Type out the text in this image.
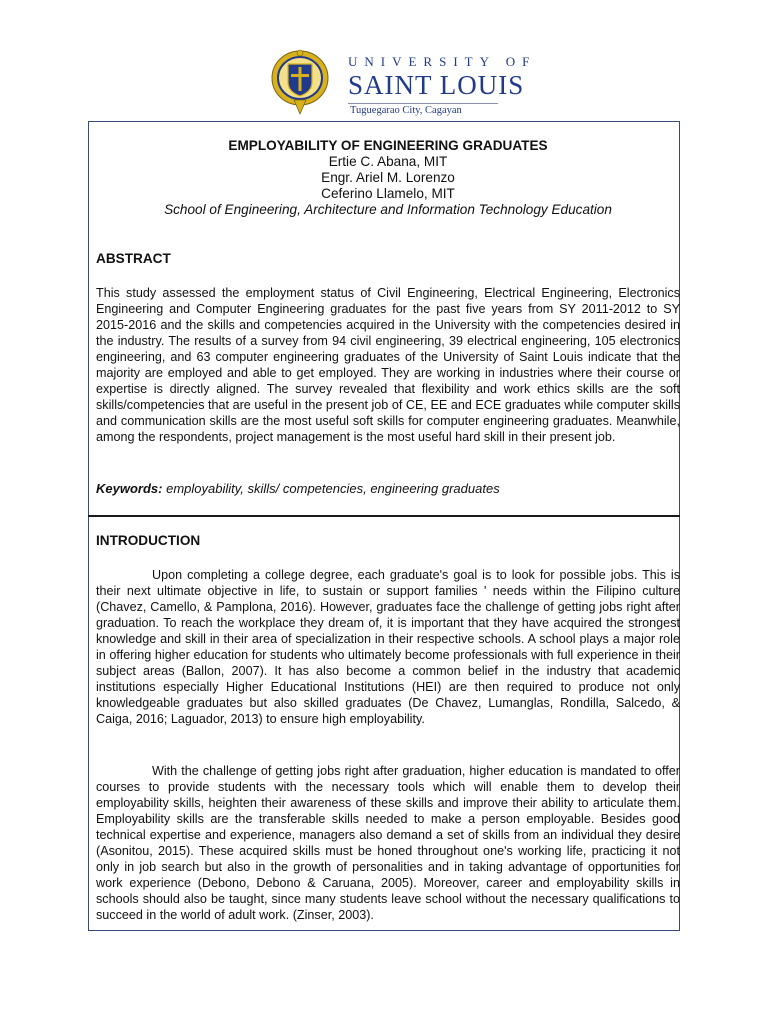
UNIVERSITY OF
SAINT LOUIS
Tuguegarao City, Cagayan
EMPLOYABILITY OF ENGINEERING GRADUATES
Ertie C. Abana, MIT
Engr. Ariel M. Lorenzo
Ceferino Llamelo, MIT
School of Engineering, Architecture and Information Technology Education
ABSTRACT

This study assessed the employment status of Civil Engineering, Electrical Engineering, Electronics Engineering and Computer Engineering graduates for the past five years from SY 2011-2012 to SY 2015-2016 and the skills and competencies acquired in the University with the competencies desired in the industry. The results of a survey from 94 civil engineering, 39 electrical engineering, 105 electronics engineering, and 63 computer engineering graduates of the University of Saint Louis indicate that the majority are employed and able to get employed. They are working in industries where their course or expertise is directly aligned. The survey revealed that flexibility and work ethics skills are the soft skills/competencies that are useful in the present job of CE, EE and ECE graduates while computer skills and communication skills are the most useful soft skills for computer engineering graduates. Meanwhile, among the respondents, project management is the most useful hard skill in their present job.

Keywords: employability, skills/ competencies, engineering graduates
INTRODUCTION

Upon completing a college degree, each graduate's goal is to look for possible jobs. This is their next ultimate objective in life, to sustain or support families ' needs within the Filipino culture (Chavez, Camello, & Pamplona, 2016). However, graduates face the challenge of getting jobs right after graduation. To reach the workplace they dream of, it is important that they have acquired the strongest knowledge and skill in their area of specialization in their respective schools. A school plays a major role in offering higher education for students who ultimately become professionals with full experience in their subject areas (Ballon, 2007). It has also become a common belief in the industry that academic institutions especially Higher Educational Institutions (HEI) are then required to produce not only knowledgeable graduates but also skilled graduates (De Chavez, Lumanglas, Rondilla, Salcedo, & Caiga, 2016; Laguador, 2013) to ensure high employability.

With the challenge of getting jobs right after graduation, higher education is mandated to offer courses to provide students with the necessary tools which will enable them to develop their employability skills, heighten their awareness of these skills and improve their ability to articulate them. Employability skills are the transferable skills needed to make a person employable. Besides good technical expertise and experience, managers also demand a set of skills from an individual they desire (Asonitou, 2015). These acquired skills must be honed throughout one's working life, practicing it not only in job search but also in the growth of personalities and in taking advantage of opportunities for work experience (Debono, Debono & Caruana, 2005). Moreover, career and employability skills in schools should also be taught, since many students leave school without the necessary qualifications to succeed in the world of adult work. (Zinser, 2003).
